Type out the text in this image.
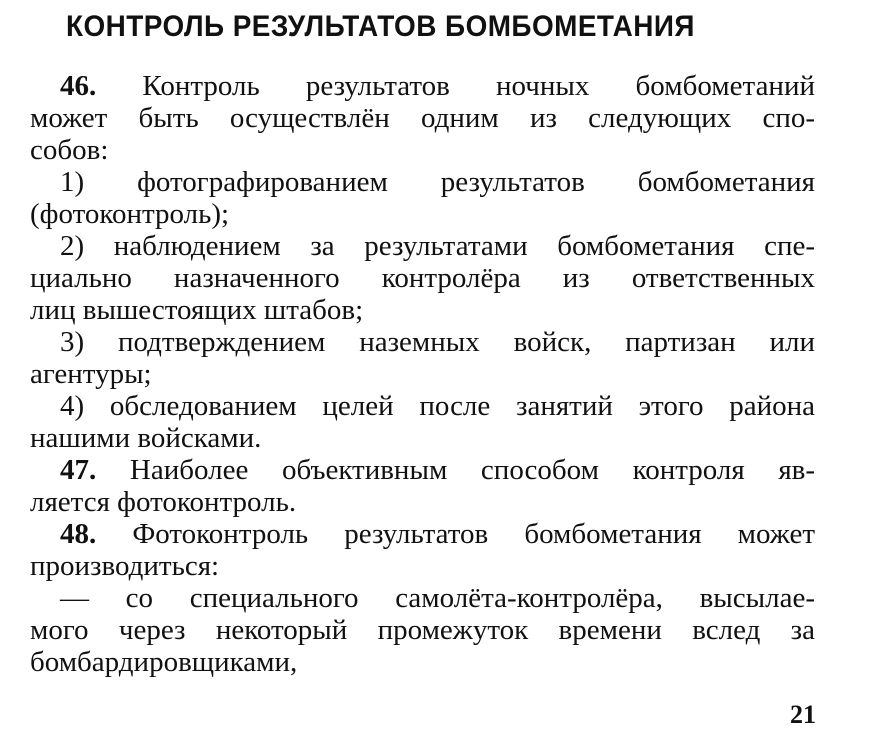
КОНТРОЛЬ РЕЗУЛЬТАТОВ БОМБОМЕТАНИЯ
46. Контроль результатов ночных бомбометаний
может быть осуществлён одним из следующих спо-
собов:
1) фотографированием результатов бомбометания
(фотоконтроль);
2) наблюдением за результатами бомбометания спе-
циально назначенного контролёра из ответственных
лиц вышестоящих штабов;
3) подтверждением наземных войск, партизан или
агентуры;
4) обследованием целей после занятий этого района
нашими войсками.
47. Наиболее объективным способом контроля яв-
ляется фотоконтроль.
48. Фотоконтроль результатов бомбометания может
производиться:
— со специального самолёта-контролёра, высылае-
мого через некоторый промежуток времени вслед за
бомбардировщиками,
21
